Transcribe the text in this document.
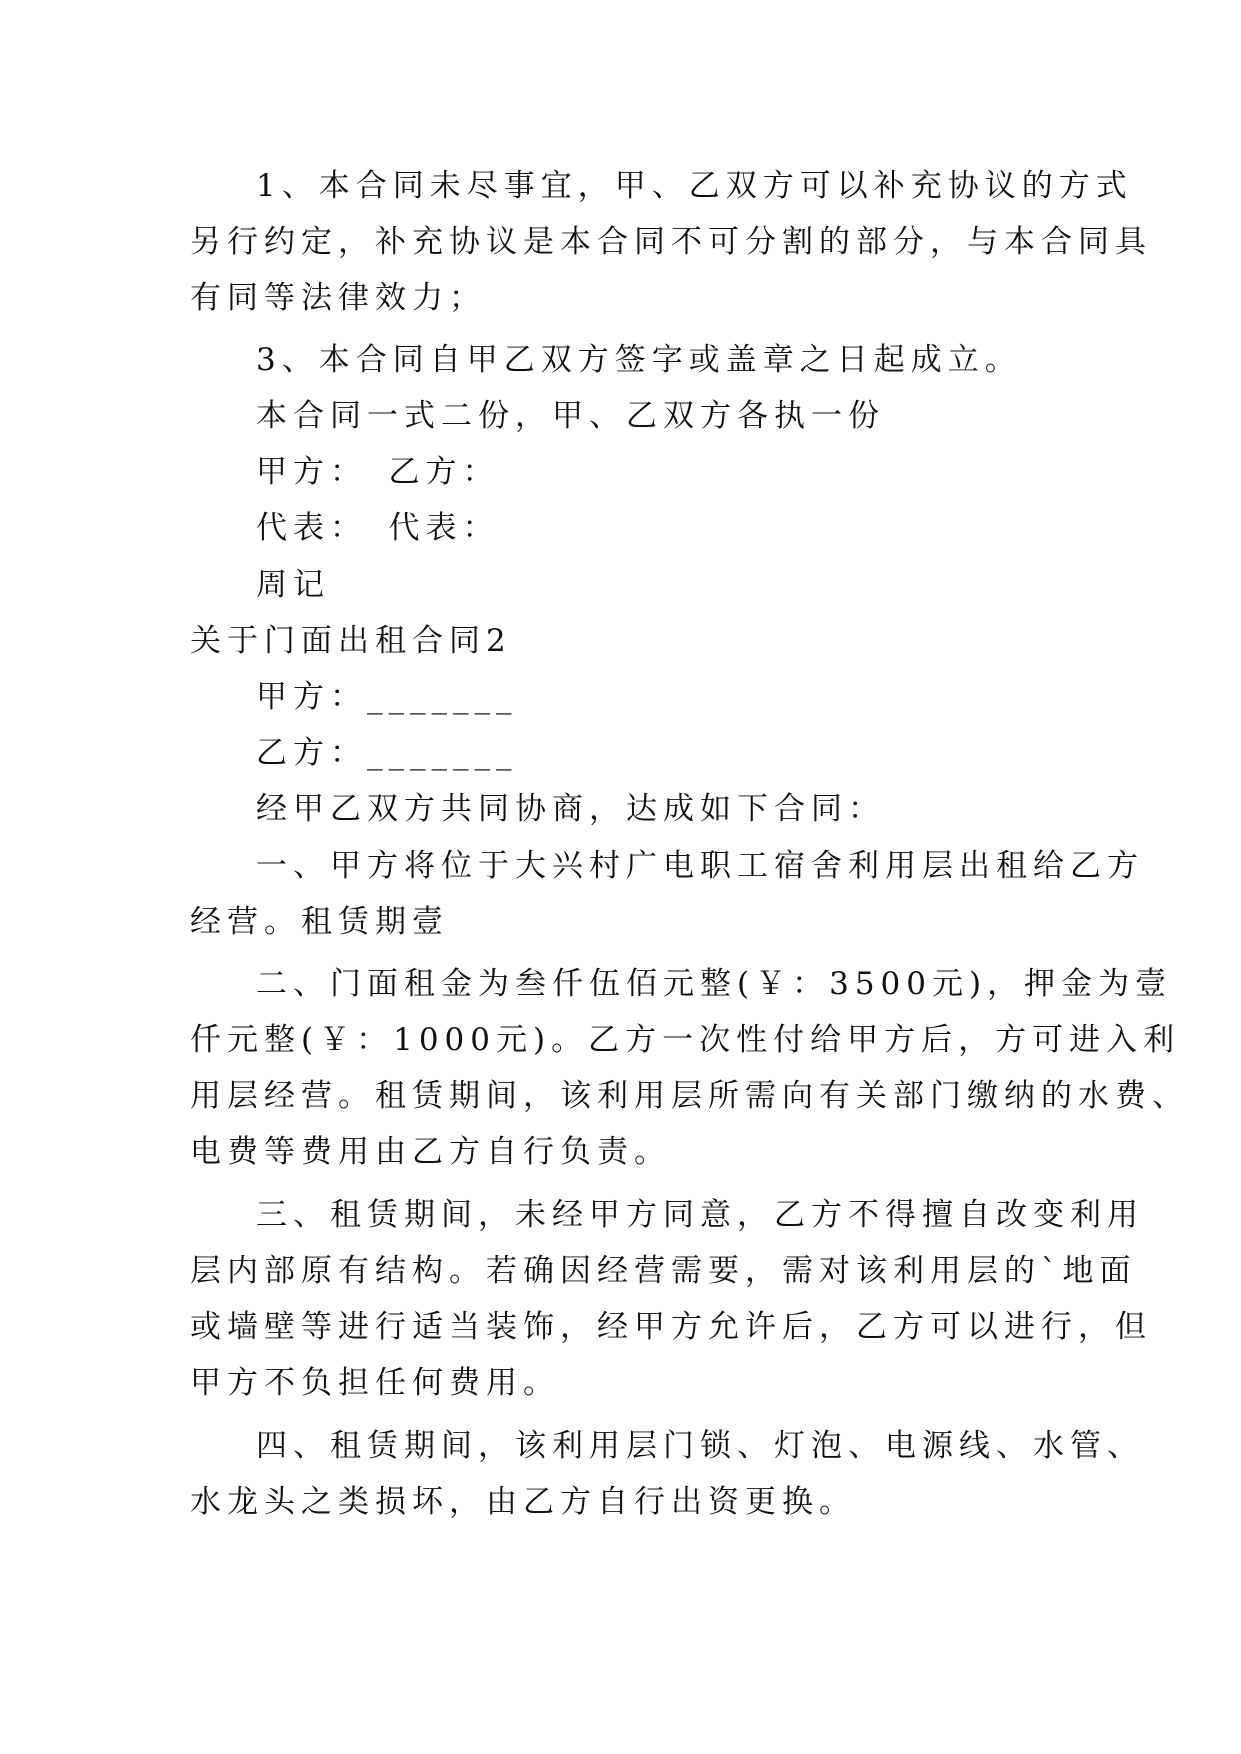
1、本合同未尽事宜，甲、乙双方可以补充协议的方式
另行约定，补充协议是本合同不可分割的部分，与本合同具
有同等法律效力；
3、本合同自甲乙双方签字或盖章之日起成立。
本合同一式二份，甲、乙双方各执一份
甲方：　乙方：
代表：　代表：
周记
关于门面出租合同2
甲方：_______
乙方：_______
经甲乙双方共同协商，达成如下合同：
一、甲方将位于大兴村广电职工宿舍利用层出租给乙方
经营。租赁期壹
二、门面租金为叁仟伍佰元整(￥：3500元)，押金为壹
仟元整(￥：1000元)。乙方一次性付给甲方后，方可进入利
用层经营。租赁期间，该利用层所需向有关部门缴纳的水费、
电费等费用由乙方自行负责。
三、租赁期间，未经甲方同意，乙方不得擅自改变利用
层内部原有结构。若确因经营需要，需对该利用层的`地面
或墙壁等进行适当装饰，经甲方允许后，乙方可以进行，但
甲方不负担任何费用。
四、租赁期间，该利用层门锁、灯泡、电源线、水管、
水龙头之类损坏，由乙方自行出资更换。
